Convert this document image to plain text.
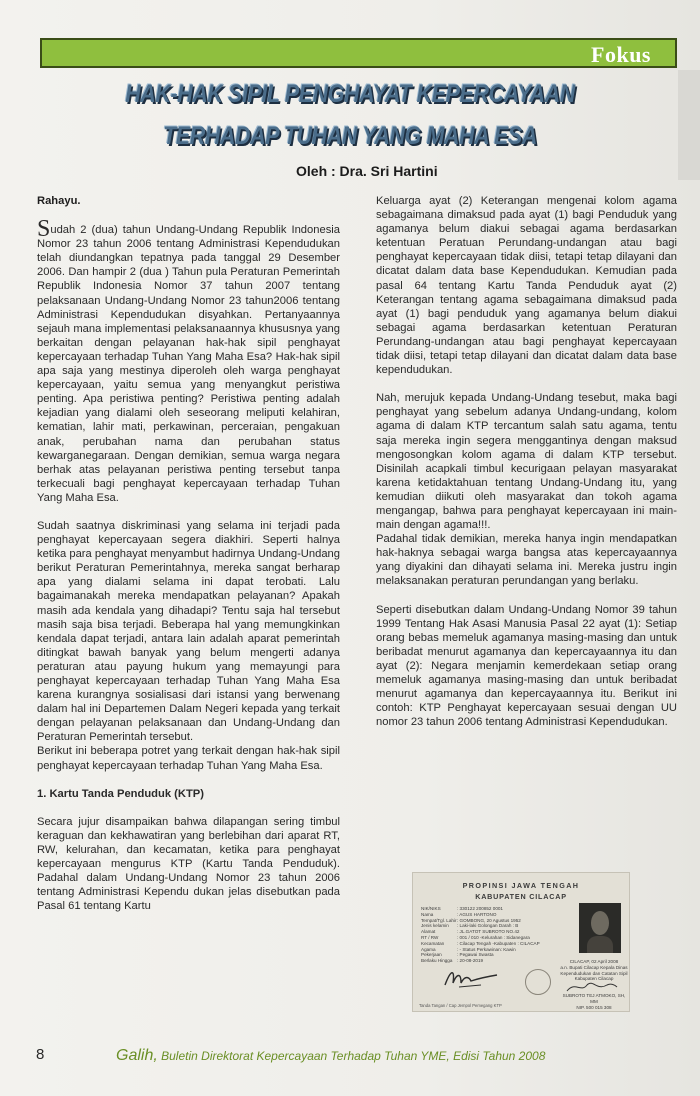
Fokus
HAK-HAK SIPIL PENGHAYAT KEPERCAYAAN
TERHADAP TUHAN YANG MAHA ESA
Oleh : Dra. Sri Hartini

Rahayu.

Sudah 2 (dua) tahun Undang-Undang Republik Indonesia Nomor 23 tahun 2006 tentang Administrasi Kependudukan telah diundangkan tepatnya pada tanggal 29 Desember 2006. Dan hampir 2 (dua ) Tahun pula Peraturan Pemerintah Republik Indonesia Nomor 37 tahun 2007 tentang pelaksanaan Undang-Undang Nomor 23 tahun2006 tentang Administrasi Kependudukan disyahkan. Pertanyaannya sejauh mana implementasi pelaksanaannya khususnya yang berkaitan dengan pelayanan hak-hak sipil penghayat kepercayaan terhadap Tuhan Yang Maha Esa? Hak-hak sipil apa saja yang mestinya diperoleh oleh warga penghayat kepercayaan, yaitu semua yang menyangkut peristiwa penting. Apa peristiwa penting? Peristiwa penting adalah kejadian yang dialami oleh seseorang meliputi kelahiran, kematian, lahir mati, perkawinan, perceraian, pengakuan anak, perubahan nama dan perubahan status kewarganegaraan. Dengan demikian, semua warga negara berhak atas pelayanan peristiwa penting tersebut tanpa terkecuali bagi penghayat kepercayaan terhadap Tuhan Yang Maha Esa.

Sudah saatnya diskriminasi yang selama ini terjadi pada penghayat kepercayaan segera diakhiri. Seperti halnya ketika para penghayat menyambut hadirnya Undang-Undang berikut Peraturan Pemerintahnya, mereka sangat berharap apa yang dialami selama ini dapat terobati. Lalu bagaimanakah mereka mendapatkan pelayanan? Apakah masih ada kendala yang dihadapi? Tentu saja hal tersebut masih saja bisa terjadi. Beberapa hal yang memungkinkan kendala dapat terjadi, antara lain adalah aparat pemerintah ditingkat bawah banyak yang belum mengerti adanya peraturan atau payung hukum yang memayungi para penghayat kepercayaan terhadap Tuhan Yang Maha Esa karena kurangnya sosialisasi dari istansi yang berwenang dalam hal ini Departemen Dalam Negeri kepada yang terkait dengan pelayanan pelaksanaan dan Undang-Undang dan Peraturan Pemerintah tersebut.

Berikut ini beberapa potret yang terkait dengan hak-hak sipil penghayat kepercayaan terhadap Tuhan Yang Maha Esa.

1. Kartu Tanda Penduduk (KTP)

Secara jujur disampaikan bahwa dilapangan sering timbul keraguan dan kekhawatiran yang berlebihan dari aparat RT, RW, kelurahan, dan kecamatan, ketika para penghayat kepercayaan mengurus KTP (Kartu Tanda Penduduk). Padahal dalam Undang-Undang Nomor 23 tahun 2006 tentang Administrasi Kependu dukan jelas disebutkan pada Pasal 61 tentang Kartu

Keluarga ayat (2) Keterangan mengenai kolom agama sebagaimana dimaksud pada ayat (1) bagi Penduduk yang agamanya belum diakui sebagai agama berdasarkan ketentuan Peratuan Perundang-undangan atau bagi penghayat kepercayaan tidak diisi, tetapi tetap dilayani dan dicatat dalam data base Kependudukan. Kemudian pada pasal 64 tentang Kartu Tanda Penduduk ayat (2) Keterangan tentang agama sebagaimana dimaksud pada ayat (1) bagi penduduk yang agamanya belum diakui sebagai agama berdasarkan ketentuan Peraturan Perundang-undangan atau bagi penghayat kepercayaan tidak diisi, tetapi tetap dilayani dan dicatat dalam data base kependudukan.

Nah, merujuk kepada Undang-Undang tesebut, maka bagi penghayat yang sebelum adanya Undang-undang, kolom agama di dalam KTP tercantum salah satu agama, tentu saja mereka ingin segera menggantinya dengan maksud mengosongkan kolom agama di dalam KTP tersebut. Disinilah acapkali timbul kecurigaan pelayan masyarakat karena ketidaktahuan tentang Undang-Undang itu, yang kemudian diikuti oleh masyarakat dan tokoh agama mengangap, bahwa para penghayat kepercayaan ini main-main dengan agama!!!.

Padahal tidak demikian, mereka hanya ingin mendapatkan hak-haknya sebagai warga bangsa atas kepercayaannya yang diyakini dan dihayati selama ini. Mereka justru ingin melaksanakan peraturan perundangan yang berlaku.

Seperti disebutkan dalam Undang-Undang Nomor 39 tahun 1999 Tentang Hak Asasi Manusia Pasal 22 ayat (1): Setiap orang bebas memeluk agamanya masing-masing dan untuk beribadat menurut agamanya dan kepercayaannya itu dan ayat (2): Negara menjamin kemerdekaan setiap orang memeluk agamanya masing-masing dan untuk beribadat menurut agamanya dan kepercayaannya itu. Berikut ini contoh: KTP Penghayat kepercayaan sesuai dengan UU nomor 23 tahun 2006 tentang Administrasi Kependudukan.

PROPINSI JAWA TENGAH
KABUPATEN CILACAP
NIK/NIKS	: 330122 200852 0001
Nama	: AGUS HARTONO
Tempat/Tgl. Lahir : GOMBONG, 20 Agustus 1952
Jenis kelamin	: Laki-laki Golongan Darah : B
Alamat	: JL.GATOT SUBROTO NO.42
RT / RW	: 001 / 010 -Kelurahan : Sidanegara
Kecamatan	: Cilacap Tengah -Kabupaten : CILACAP
Agama	: - Status Perkawinan: Kawin
Pekerjaan	: Pegawai Swasta
Berlaku Hingga : 20-08-2019	CILACAP, 02 April 2008
a.n. Bupati Cilacap Kepala Dinas Kependudukan dan Catatan Sipil Kabupaten Cilacap
SUBROTO TEJ ATMOKO, SH, MM
NIP. 500 015 308
Tanda Tangan / Cap Jempol Pemegang KTP
8	Galih, Buletin Direktorat Kepercayaan Terhadap Tuhan YME, Edisi Tahun 2008
